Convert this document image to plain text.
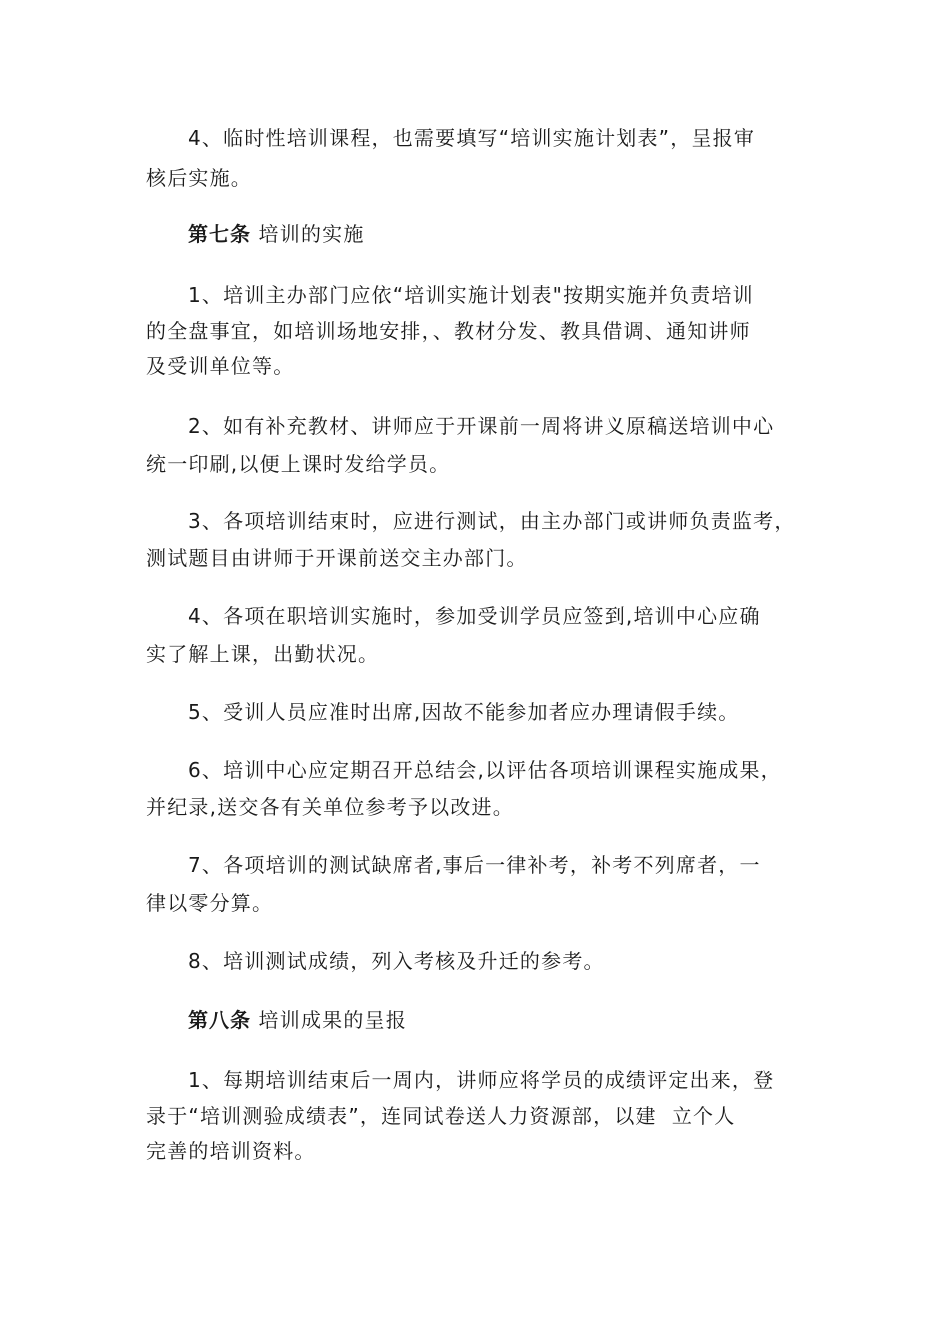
4、临时性培训课程，也需要填写“培训实施计划表”，呈报审
核后实施。
第七条 培训的实施
1、培训主办部门应依“培训实施计划表"按期实施并负责培训
的全盘事宜，如培训场地安排，、教材分发、教具借调、通知讲师
及受训单位等。
2、如有补充教材、讲师应于开课前一周将讲义原稿送培训中心
统一印刷,以便上课时发给学员。
3、各项培训结束时，应进行测试，由主办部门或讲师负责监考，
测试题目由讲师于开课前送交主办部门。
4、各项在职培训实施时，参加受训学员应签到,培训中心应确
实了解上课，出勤状况。
5、受训人员应准时出席,因故不能参加者应办理请假手续。
6、培训中心应定期召开总结会,以评估各项培训课程实施成果，
并纪录,送交各有关单位参考予以改进。
7、各项培训的测试缺席者,事后一律补考，补考不列席者，一
律以零分算。
8、培训测试成绩，列入考核及升迁的参考。
第八条 培训成果的呈报
1、每期培训结束后一周内，讲师应将学员的成绩评定出来，登
录于“培训测验成绩表”，连同试卷送人力资源部，以建  立个人
完善的培训资料。
